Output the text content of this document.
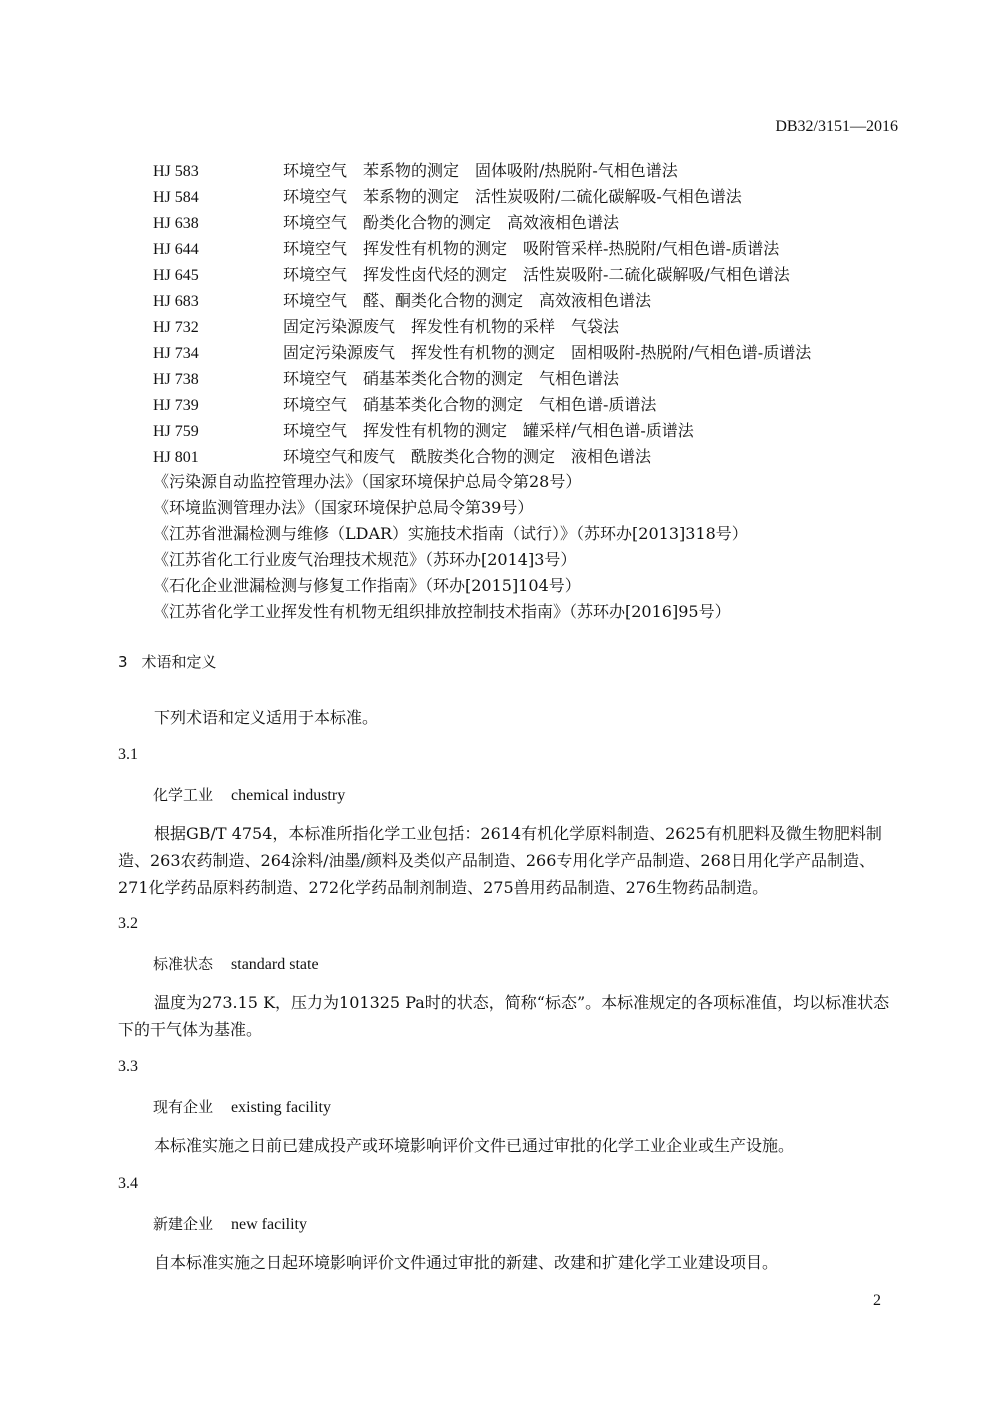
DB32/3151—2016
HJ 583	环境空气　苯系物的测定　固体吸附/热脱附-气相色谱法
HJ 584	环境空气　苯系物的测定　活性炭吸附/二硫化碳解吸-气相色谱法
HJ 638	环境空气　酚类化合物的测定　高效液相色谱法
HJ 644	环境空气　挥发性有机物的测定　吸附管采样-热脱附/气相色谱-质谱法
HJ 645	环境空气　挥发性卤代烃的测定　活性炭吸附-二硫化碳解吸/气相色谱法
HJ 683	环境空气　醛、酮类化合物的测定　高效液相色谱法
HJ 732	固定污染源废气　挥发性有机物的采样　气袋法
HJ 734	固定污染源废气　挥发性有机物的测定　固相吸附-热脱附/气相色谱-质谱法
HJ 738	环境空气　硝基苯类化合物的测定　气相色谱法
HJ 739	环境空气　硝基苯类化合物的测定　气相色谱-质谱法
HJ 759	环境空气　挥发性有机物的测定　罐采样/气相色谱-质谱法
HJ 801	环境空气和废气　酰胺类化合物的测定　液相色谱法
《污染源自动监控管理办法》（国家环境保护总局令第28号）
《环境监测管理办法》（国家环境保护总局令第39号）
《江苏省泄漏检测与维修（LDAR）实施技术指南（试行）》（苏环办[2013]318号）
《江苏省化工行业废气治理技术规范》（苏环办[2014]3号）
《石化企业泄漏检测与修复工作指南》（环办[2015]104号）
《江苏省化学工业挥发性有机物无组织排放控制技术指南》（苏环办[2016]95号）
3 术语和定义
下列术语和定义适用于本标准。
3.1
化学工业 chemical industry
根据GB/T 4754，本标准所指化学工业包括：2614有机化学原料制造、2625有机肥料及微生物肥料制造、263农药制造、264涂料/油墨/颜料及类似产品制造、266专用化学产品制造、268日用化学产品制造、271化学药品原料药制造、272化学药品制剂制造、275兽用药品制造、276生物药品制造。
3.2
标准状态 standard state
温度为273.15 K，压力为101325 Pa时的状态，简称“标态”。本标准规定的各项标准值，均以标准状态下的干气体为基准。
3.3
现有企业 existing facility
本标准实施之日前已建成投产或环境影响评价文件已通过审批的化学工业企业或生产设施。
3.4
新建企业 new facility
自本标准实施之日起环境影响评价文件通过审批的新建、改建和扩建化学工业建设项目。
2
